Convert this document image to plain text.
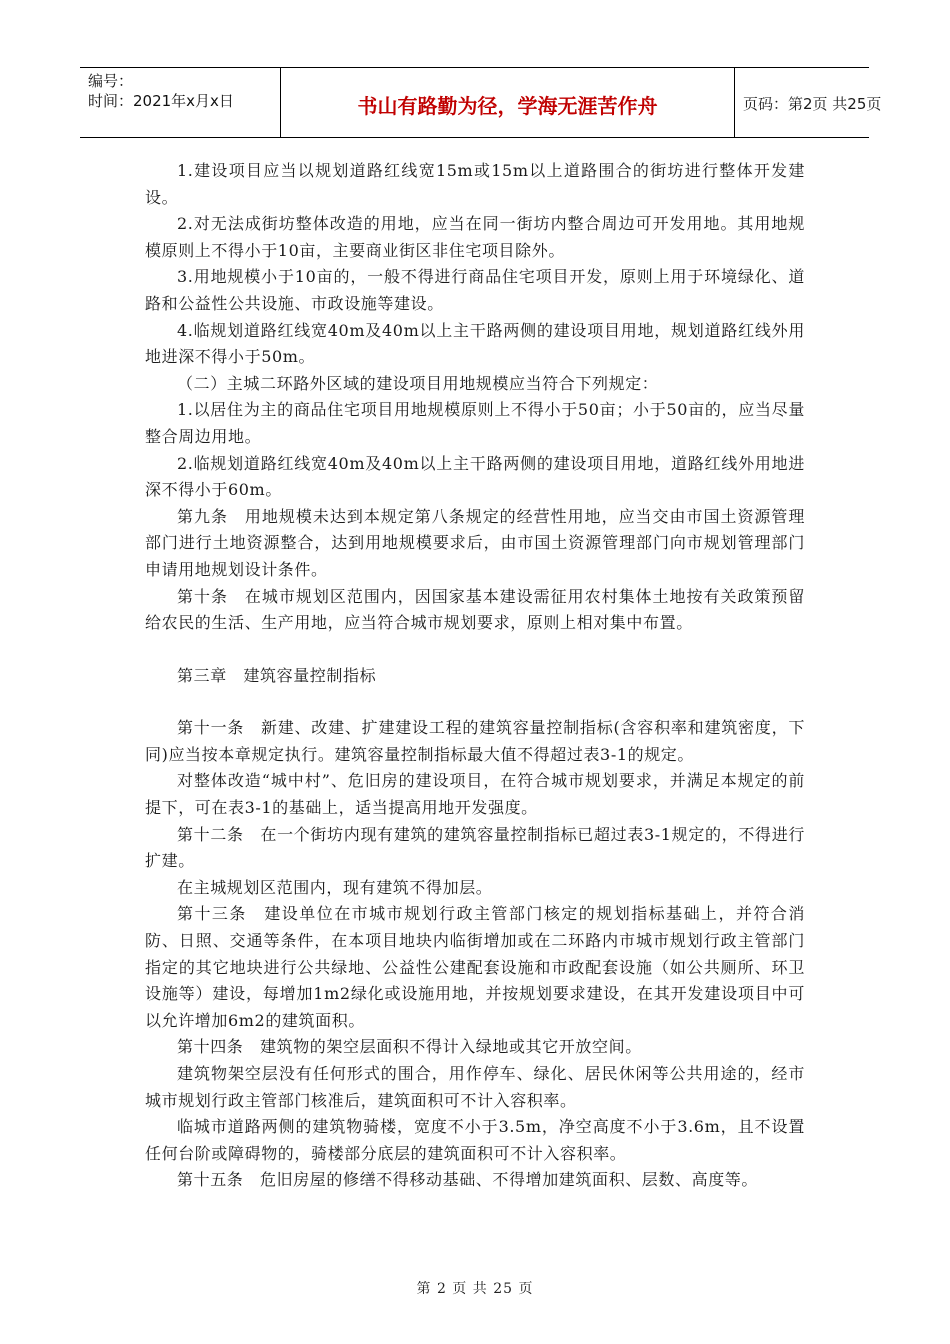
编号：
时间：2021年x月x日	书山有路勤为径，学海无涯苦作舟	页码：第2页 共25页

1.建设项目应当以规划道路红线宽15m或15m以上道路围合的街坊进行整体开发建设。

2.对无法成街坊整体改造的用地，应当在同一街坊内整合周边可开发用地。其用地规模原则上不得小于10亩，主要商业街区非住宅项目除外。

3.用地规模小于10亩的，一般不得进行商品住宅项目开发，原则上用于环境绿化、道路和公益性公共设施、市政设施等建设。

4.临规划道路红线宽40m及40m以上主干路两侧的建设项目用地，规划道路红线外用地进深不得小于50m。

（二）主城二环路外区域的建设项目用地规模应当符合下列规定：

1.以居住为主的商品住宅项目用地规模原则上不得小于50亩；小于50亩的，应当尽量整合周边用地。

2.临规划道路红线宽40m及40m以上主干路两侧的建设项目用地，道路红线外用地进深不得小于60m。

第九条　用地规模未达到本规定第八条规定的经营性用地，应当交由市国土资源管理部门进行土地资源整合，达到用地规模要求后，由市国土资源管理部门向市规划管理部门申请用地规划设计条件。

第十条　在城市规划区范围内，因国家基本建设需征用农村集体土地按有关政策预留给农民的生活、生产用地，应当符合城市规划要求，原则上相对集中布置。

第三章　建筑容量控制指标

第十一条　新建、改建、扩建建设工程的建筑容量控制指标(含容积率和建筑密度，下同)应当按本章规定执行。建筑容量控制指标最大值不得超过表3-1的规定。

对整体改造“城中村”、危旧房的建设项目，在符合城市规划要求，并满足本规定的前提下，可在表3-1的基础上，适当提高用地开发强度。

第十二条　在一个街坊内现有建筑的建筑容量控制指标已超过表3-1规定的，不得进行扩建。

在主城规划区范围内，现有建筑不得加层。

第十三条　建设单位在市城市规划行政主管部门核定的规划指标基础上，并符合消防、日照、交通等条件，在本项目地块内临街增加或在二环路内市城市规划行政主管部门指定的其它地块进行公共绿地、公益性公建配套设施和市政配套设施（如公共厕所、环卫设施等）建设，每增加1m2绿化或设施用地，并按规划要求建设，在其开发建设项目中可以允许增加6m2的建筑面积。

第十四条　建筑物的架空层面积不得计入绿地或其它开放空间。

建筑物架空层没有任何形式的围合，用作停车、绿化、居民休闲等公共用途的，经市城市规划行政主管部门核准后，建筑面积可不计入容积率。

临城市道路两侧的建筑物骑楼，宽度不小于3.5m，净空高度不小于3.6m，且不设置任何台阶或障碍物的，骑楼部分底层的建筑面积可不计入容积率。

第十五条　危旧房屋的修缮不得移动基础、不得增加建筑面积、层数、高度等。

第 2 页 共 25 页
